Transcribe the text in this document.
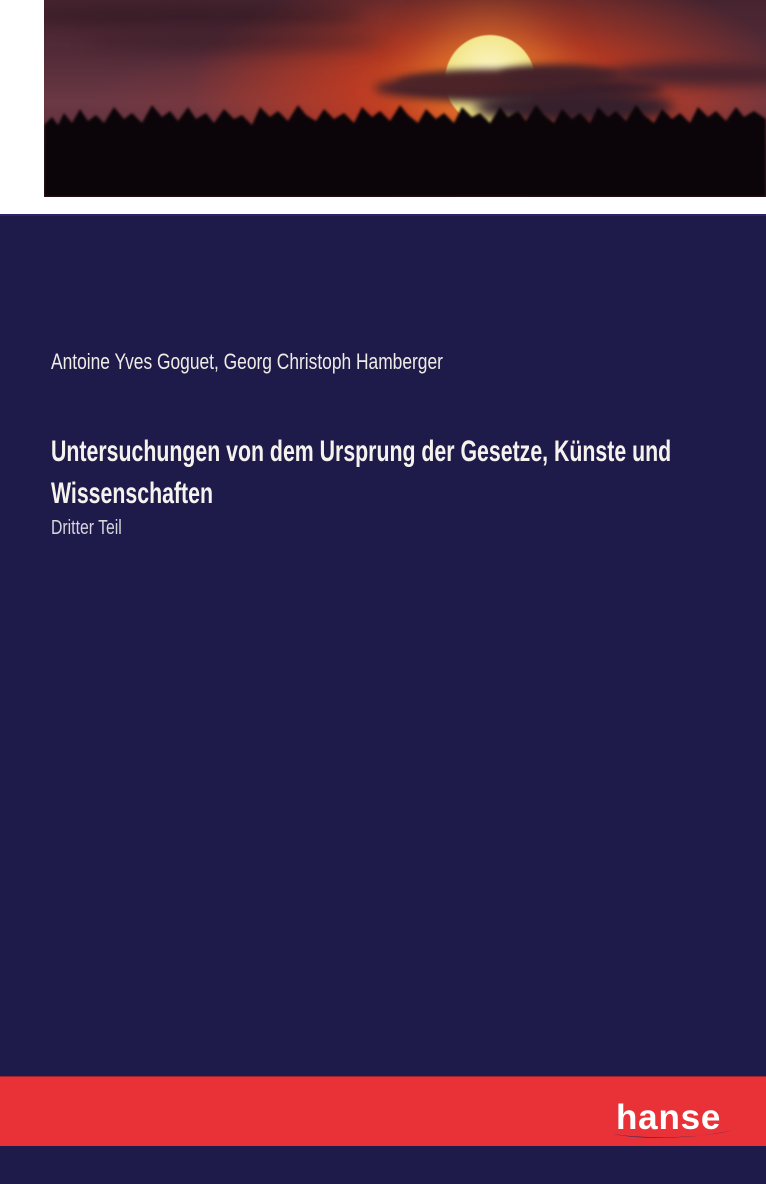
Antoine Yves Goguet, Georg Christoph Hamberger
Untersuchungen von dem Ursprung der Gesetze, Künste und Wissenschaften
Dritter Teil
hanse
